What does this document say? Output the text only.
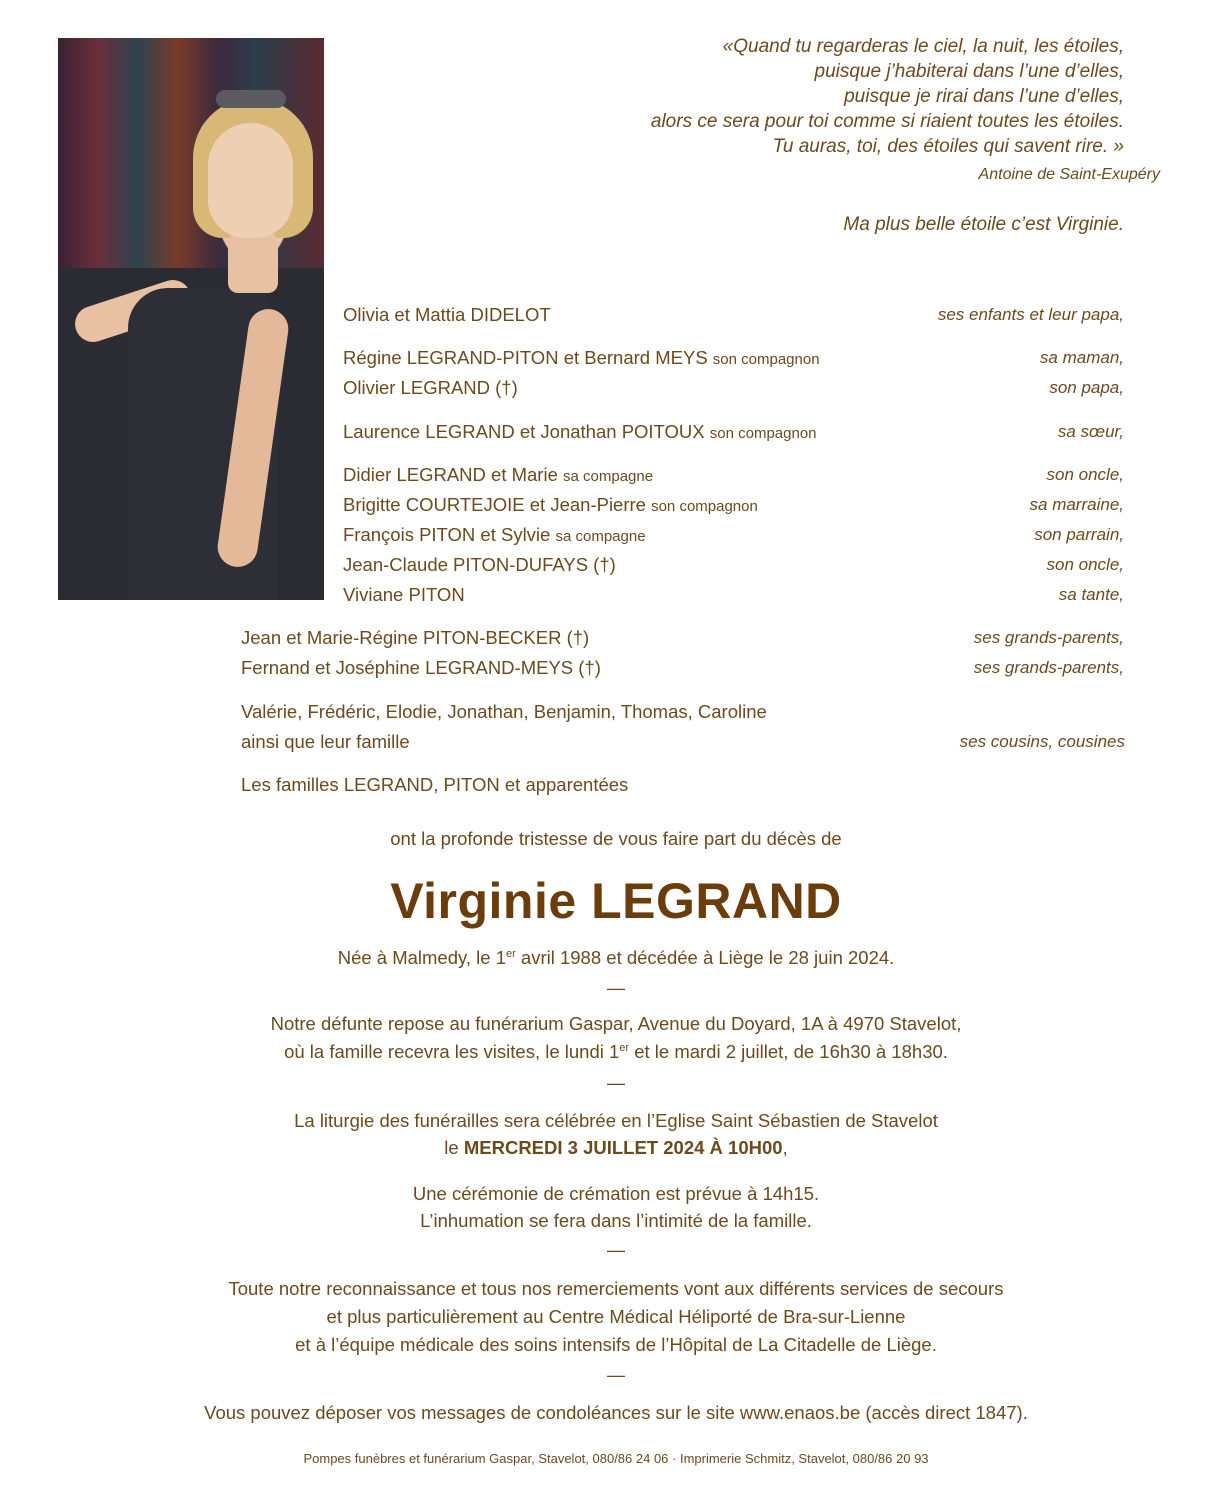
«Quand tu regarderas le ciel, la nuit, les étoiles,
puisque j’habiterai dans l’une d’elles,
puisque je rirai dans l’une d’elles,
alors ce sera pour toi comme si riaient toutes les étoiles.
Tu auras, toi, des étoiles qui savent rire. »
Antoine de Saint-Exupéry
Ma plus belle étoile c’est Virginie.
Olivia et Mattia DIDELOT	ses enfants et leur papa,
Régine LEGRAND-PITON et Bernard MEYS son compagnon	sa maman,
Olivier LEGRAND (†)	son papa,
Laurence LEGRAND et Jonathan POITOUX son compagnon	sa sœur,
Didier LEGRAND et Marie sa compagne	son oncle,
Brigitte COURTEJOIE et Jean-Pierre son compagnon	sa marraine,
François PITON et Sylvie sa compagne	son parrain,
Jean-Claude PITON-DUFAYS (†)	son oncle,
Viviane PITON	sa tante,
Jean et Marie-Régine PITON-BECKER (†)	ses grands-parents,
Fernand et Joséphine LEGRAND-MEYS (†)	ses grands-parents,
Valérie, Frédéric, Elodie, Jonathan, Benjamin, Thomas, Caroline
ainsi que leur famille	ses cousins, cousines
Les familles LEGRAND, PITON et apparentées
ont la profonde tristesse de vous faire part du décès de
Virginie LEGRAND
Née à Malmedy, le 1er avril 1988 et décédée à Liège le 28 juin 2024.
—
Notre défunte repose au funérarium Gaspar, Avenue du Doyard, 1A à 4970 Stavelot,
où la famille recevra les visites, le lundi 1er et le mardi 2 juillet, de 16h30 à 18h30.
—
La liturgie des funérailles sera célébrée en l’Eglise Saint Sébastien de Stavelot
le MERCREDI 3 JUILLET 2024 À 10H00,
Une cérémonie de crémation est prévue à 14h15.
L’inhumation se fera dans l’intimité de la famille.
—
Toute notre reconnaissance et tous nos remerciements vont aux différents services de secours
et plus particulièrement au Centre Médical Héliporté de Bra-sur-Lienne
et à l’équipe médicale des soins intensifs de l’Hôpital de La Citadelle de Liège.
—
Vous pouvez déposer vos messages de condoléances sur le site www.enaos.be (accès direct 1847).
Pompes funèbres et funérarium Gaspar, Stavelot, 080/86 24 06 · Imprimerie Schmitz, Stavelot, 080/86 20 93
